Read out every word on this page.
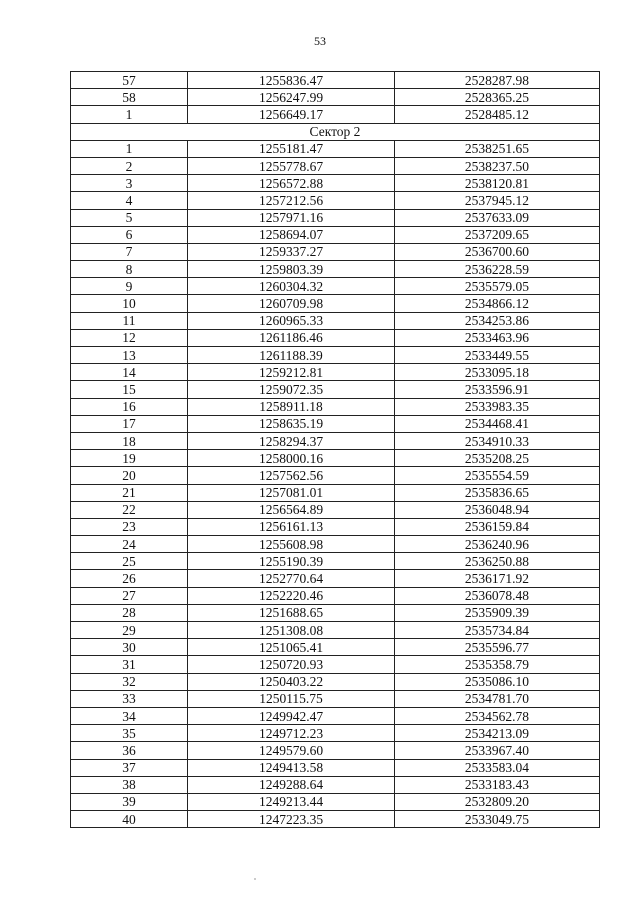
53
57	1255836.47	2528287.98
58	1256247.99	2528365.25
1	1256649.17	2528485.12
Сектор 2		
1	1255181.47	2538251.65
2	1255778.67	2538237.50
3	1256572.88	2538120.81
4	1257212.56	2537945.12
5	1257971.16	2537633.09
6	1258694.07	2537209.65
7	1259337.27	2536700.60
8	1259803.39	2536228.59
9	1260304.32	2535579.05
10	1260709.98	2534866.12
11	1260965.33	2534253.86
12	1261186.46	2533463.96
13	1261188.39	2533449.55
14	1259212.81	2533095.18
15	1259072.35	2533596.91
16	1258911.18	2533983.35
17	1258635.19	2534468.41
18	1258294.37	2534910.33
19	1258000.16	2535208.25
20	1257562.56	2535554.59
21	1257081.01	2535836.65
22	1256564.89	2536048.94
23	1256161.13	2536159.84
24	1255608.98	2536240.96
25	1255190.39	2536250.88
26	1252770.64	2536171.92
27	1252220.46	2536078.48
28	1251688.65	2535909.39
29	1251308.08	2535734.84
30	1251065.41	2535596.77
31	1250720.93	2535358.79
32	1250403.22	2535086.10
33	1250115.75	2534781.70
34	1249942.47	2534562.78
35	1249712.23	2534213.09
36	1249579.60	2533967.40
37	1249413.58	2533583.04
38	1249288.64	2533183.43
39	1249213.44	2532809.20
40	1247223.35	2533049.75
